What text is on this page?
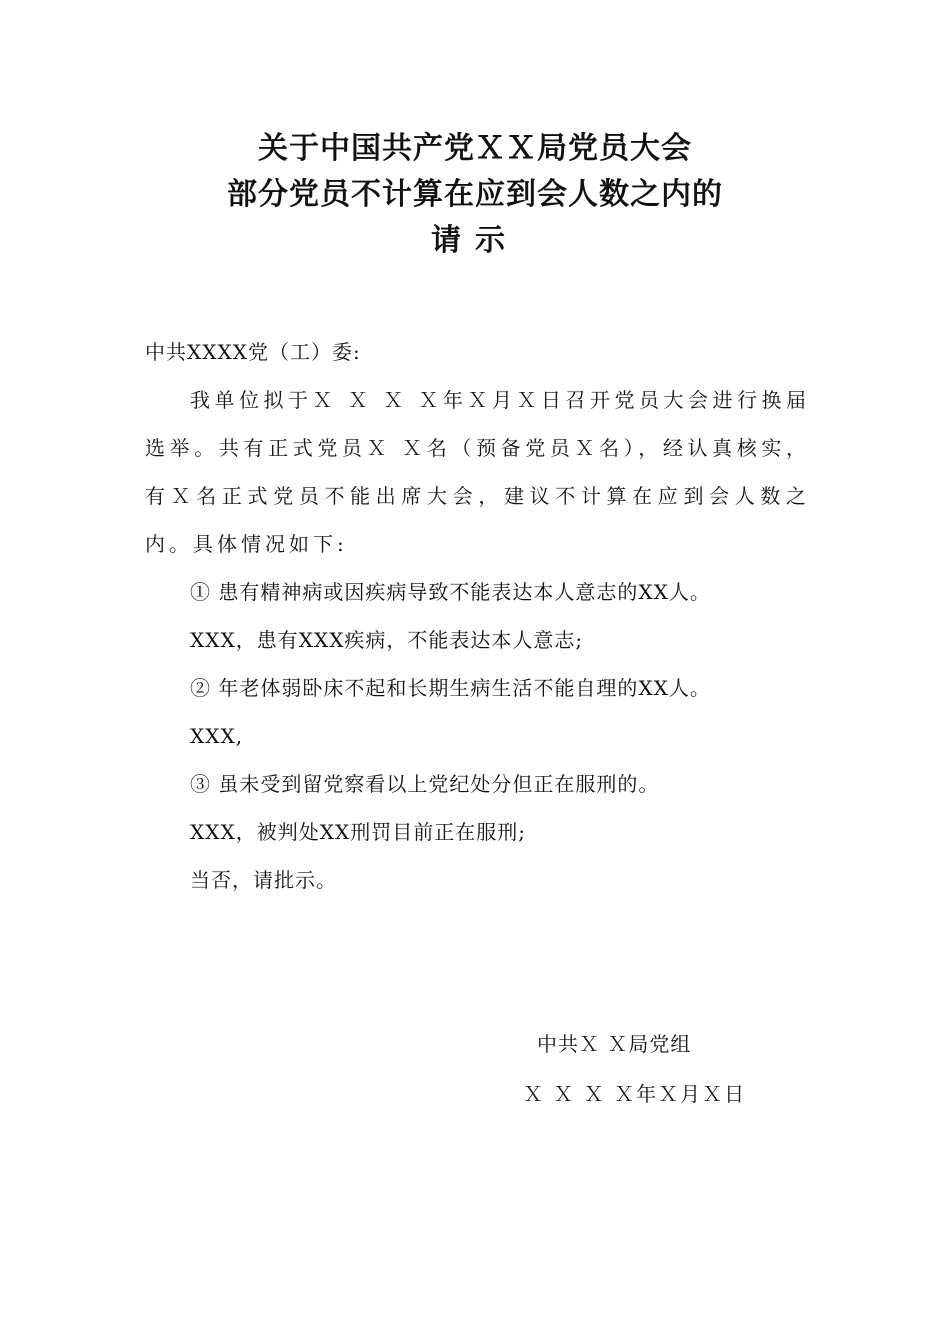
关于中国共产党ＸＸ局党员大会
部分党员不计算在应到会人数之内的
请示
中共XXXX党（工）委:
我单位拟于Ｘ Ｘ Ｘ Ｘ年Ｘ月Ｘ日召开党员大会进行换届选举。共有正式党员Ｘ Ｘ名（预备党员Ｘ名），经认真核实，有Ｘ名正式党员不能出席大会，建议不计算在应到会人数之内。具体情况如下:
① 患有精神病或因疾病导致不能表达本人意志的XX人。
XXX，患有XXX疾病，不能表达本人意志;
② 年老体弱卧床不起和长期生病生活不能自理的XX人。
XXX,
③ 虽未受到留党察看以上党纪处分但正在服刑的。
XXX，被判处XX刑罚目前正在服刑;
当否，请批示。
中共Ｘ Ｘ局党组
Ｘ Ｘ Ｘ Ｘ年Ｘ月Ｘ日
